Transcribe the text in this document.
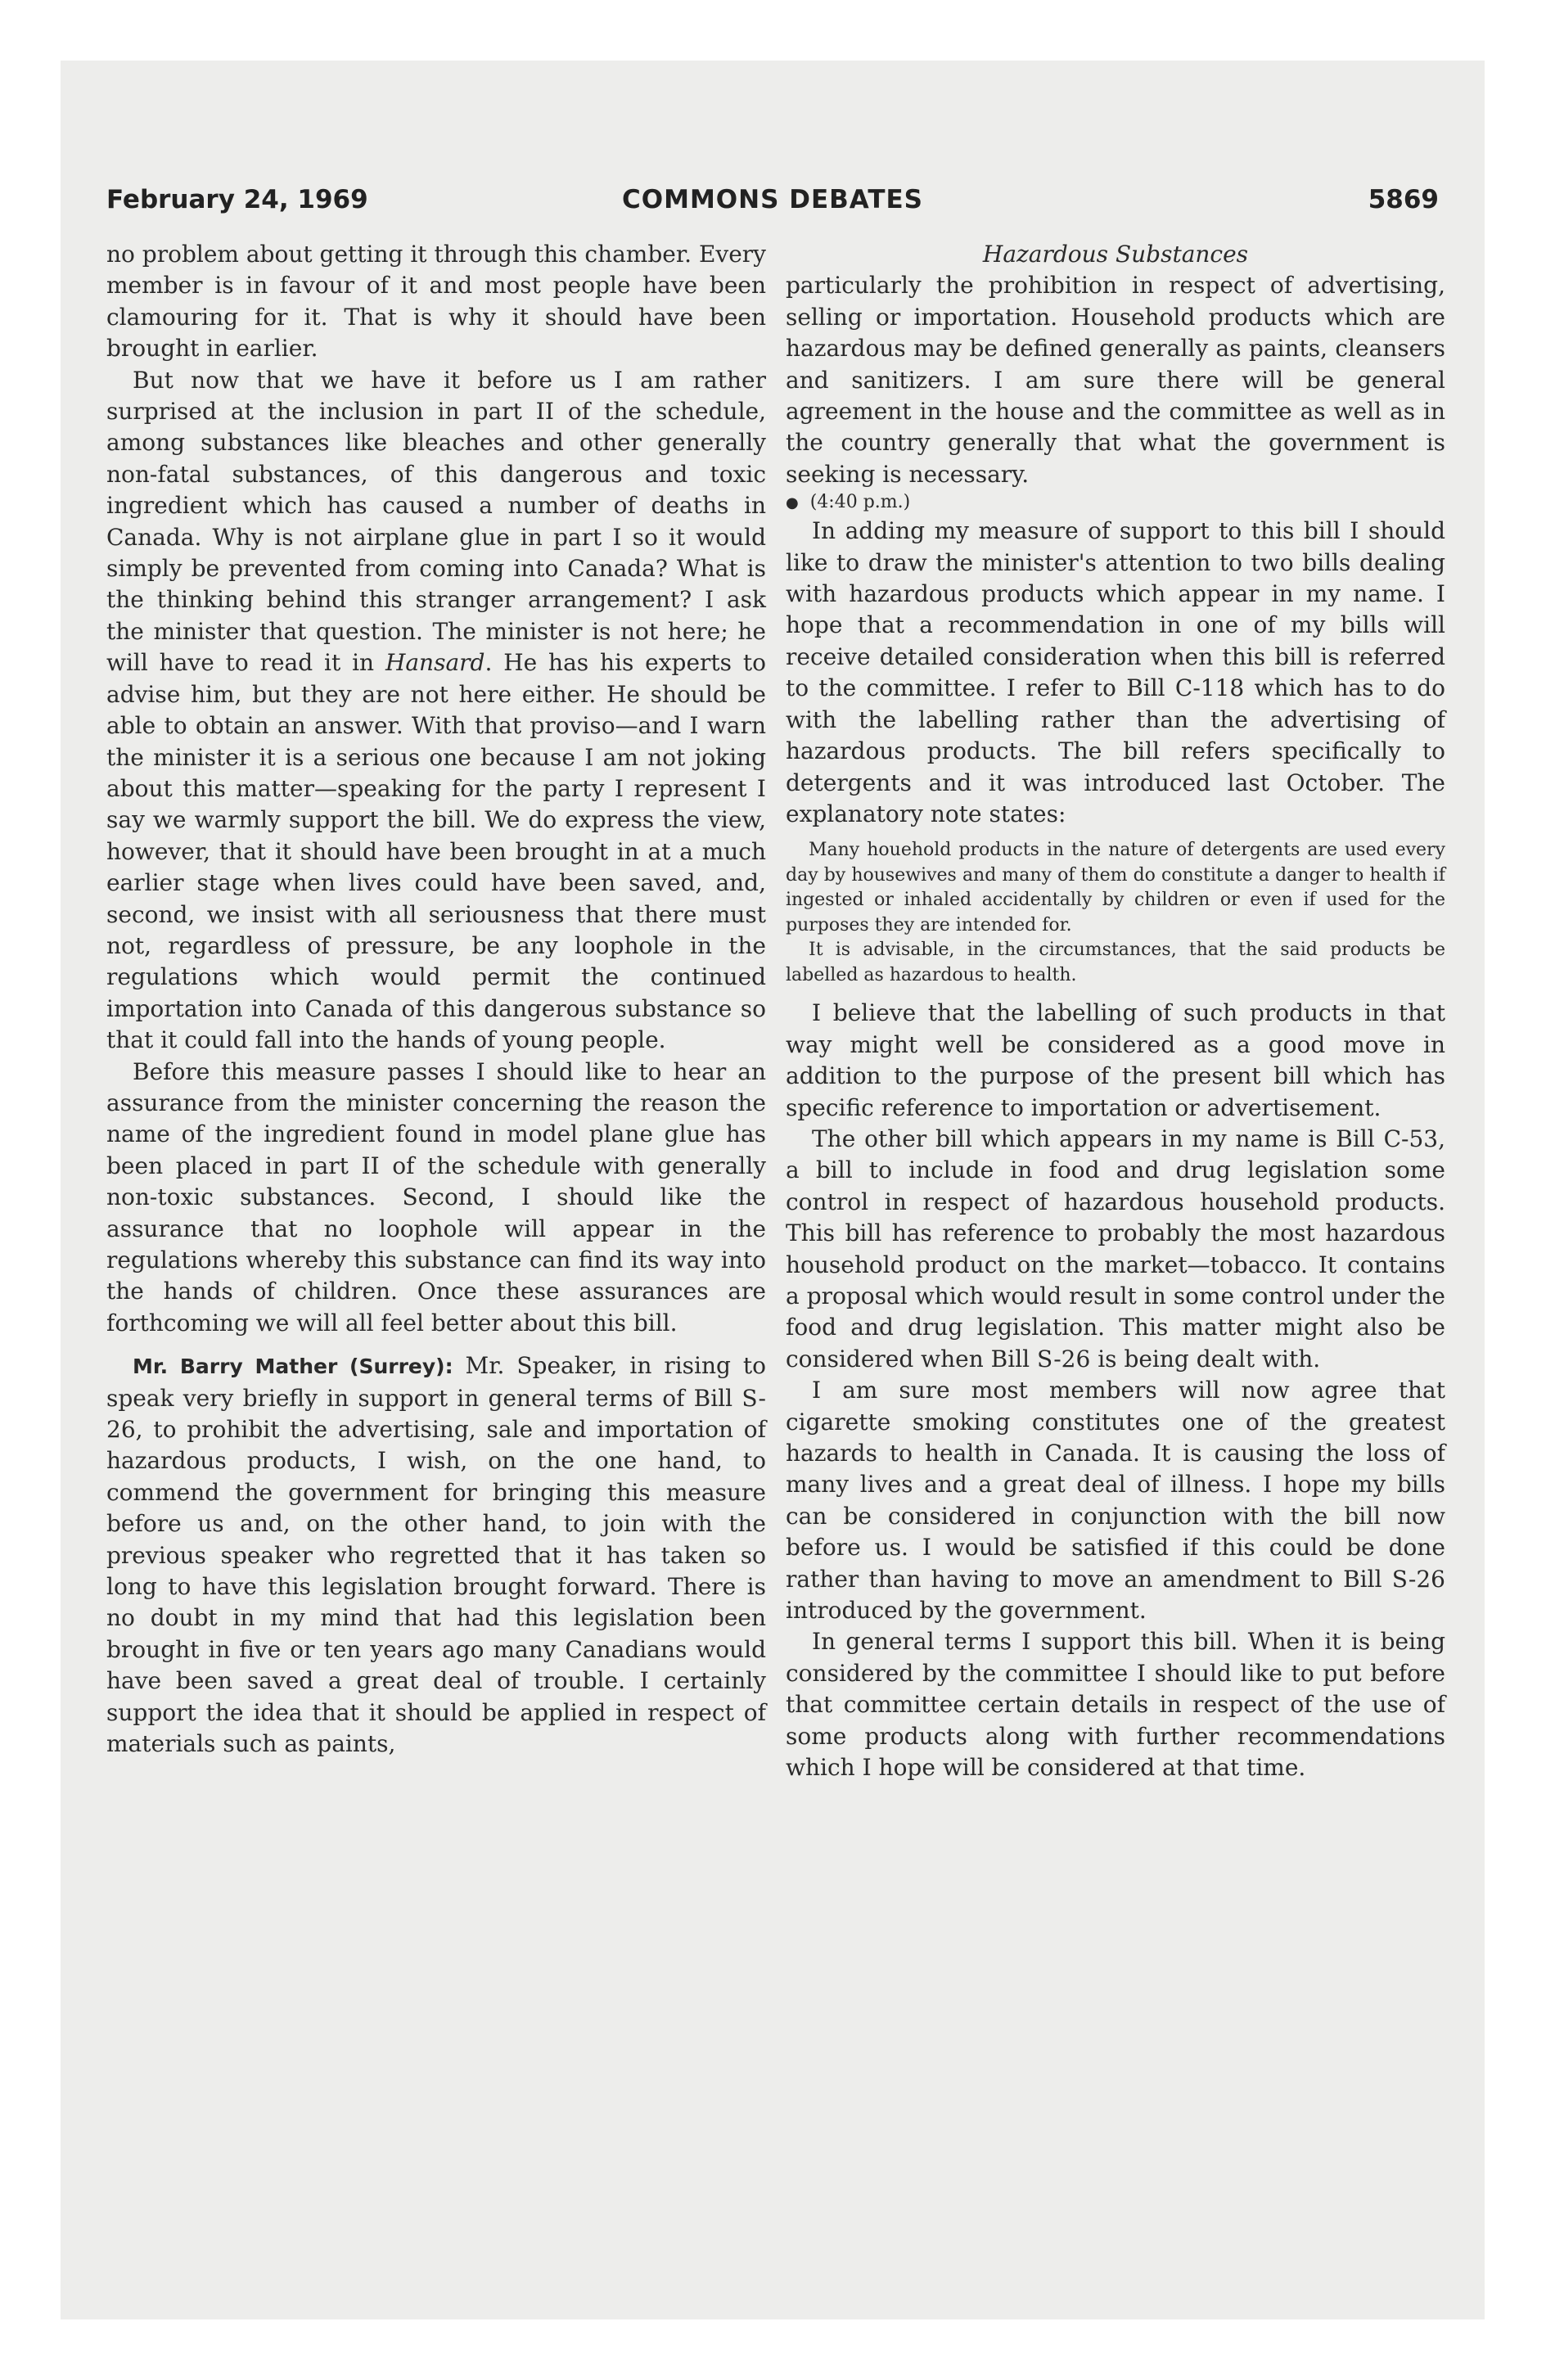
February 24, 1969	COMMONS DEBATES	5869

no problem about getting it through this chamber. Every member is in favour of it and most people have been clamouring for it. That is why it should have been brought in earlier.

But now that we have it before us I am rather surprised at the inclusion in part II of the schedule, among substances like bleaches and other generally non-fatal substances, of this dangerous and toxic ingredient which has caused a number of deaths in Canada. Why is not airplane glue in part I so it would simply be prevented from coming into Canada? What is the thinking behind this stranger arrangement? I ask the minister that question. The minister is not here; he will have to read it in Hansard. He has his experts to advise him, but they are not here either. He should be able to obtain an answer. With that proviso—and I warn the minister it is a serious one because I am not joking about this matter—speaking for the party I represent I say we warmly support the bill. We do express the view, however, that it should have been brought in at a much earlier stage when lives could have been saved, and, second, we insist with all seriousness that there must not, regardless of pressure, be any loophole in the regulations which would permit the continued importation into Canada of this dangerous substance so that it could fall into the hands of young people.

Before this measure passes I should like to hear an assurance from the minister concerning the reason the name of the ingredient found in model plane glue has been placed in part II of the schedule with generally non-toxic substances. Second, I should like the assurance that no loophole will appear in the regulations whereby this substance can find its way into the hands of children. Once these assurances are forthcoming we will all feel better about this bill.

Mr. Barry Mather (Surrey): Mr. Speaker, in rising to speak very briefly in support in general terms of Bill S-26, to prohibit the advertising, sale and importation of hazardous products, I wish, on the one hand, to commend the government for bringing this measure before us and, on the other hand, to join with the previous speaker who regretted that it has taken so long to have this legislation brought forward. There is no doubt in my mind that had this legislation been brought in five or ten years ago many Canadians would have been saved a great deal of trouble. I certainly support the idea that it should be applied in respect of materials such as paints,

Hazardous Substances

particularly the prohibition in respect of advertising, selling or importation. Household products which are hazardous may be defined generally as paints, cleansers and sanitizers. I am sure there will be general agreement in the house and the committee as well as in the country generally that what the government is seeking is necessary.

● (4:40 p.m.)

In adding my measure of support to this bill I should like to draw the minister's attention to two bills dealing with hazardous products which appear in my name. I hope that a recommendation in one of my bills will receive detailed consideration when this bill is referred to the committee. I refer to Bill C-118 which has to do with the labelling rather than the advertising of hazardous products. The bill refers specifically to detergents and it was introduced last October. The explanatory note states:

Many houehold products in the nature of detergents are used every day by housewives and many of them do constitute a danger to health if ingested or inhaled accidentally by children or even if used for the purposes they are intended for.

It is advisable, in the circumstances, that the said products be labelled as hazardous to health.

I believe that the labelling of such products in that way might well be considered as a good move in addition to the purpose of the present bill which has specific reference to importation or advertisement.

The other bill which appears in my name is Bill C-53, a bill to include in food and drug legislation some control in respect of hazardous household products. This bill has reference to probably the most hazardous household product on the market—tobacco. It contains a proposal which would result in some control under the food and drug legislation. This matter might also be considered when Bill S-26 is being dealt with.

I am sure most members will now agree that cigarette smoking constitutes one of the greatest hazards to health in Canada. It is causing the loss of many lives and a great deal of illness. I hope my bills can be considered in conjunction with the bill now before us. I would be satisfied if this could be done rather than having to move an amendment to Bill S-26 introduced by the government.

In general terms I support this bill. When it is being considered by the committee I should like to put before that committee certain details in respect of the use of some products along with further recommendations which I hope will be considered at that time.
